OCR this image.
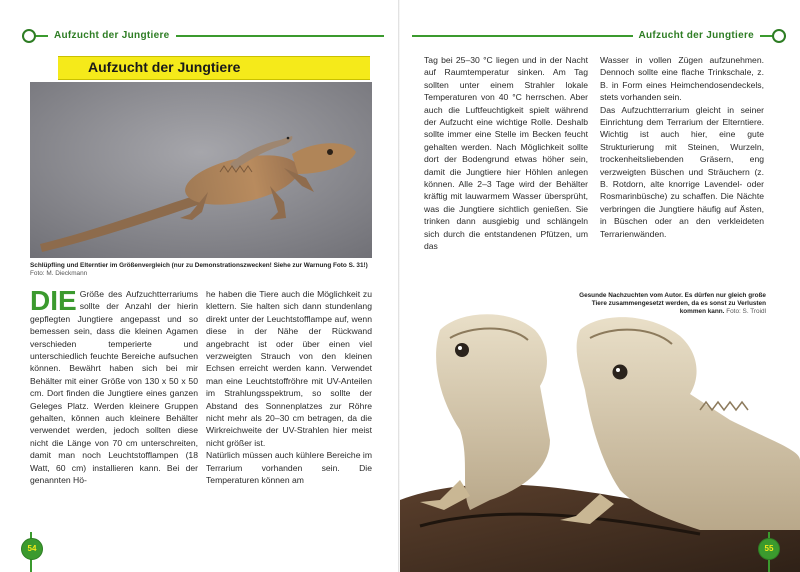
Aufzucht der Jungtiere
Aufzucht der Jungtiere
Schlüpfling und Elterntier im Größenvergleich (nur zu Demonstrationszwecken! Siehe zur Warnung Foto S. 31!) Foto: M. Dieckmann
DIE Größe des Aufzuchtterrariums sollte der Anzahl der hierin gepflegten Jungtiere angepasst und so bemessen sein, dass die kleinen Agamen verschieden temperierte und unterschiedlich feuchte Bereiche aufsuchen können. Bewährt haben sich bei mir Behälter mit einer Größe von 130 x 50 x 50 cm. Dort finden die Jungtiere eines ganzen Geleges Platz. Werden kleinere Gruppen gehalten, können auch kleinere Behälter verwendet werden, jedoch sollten diese nicht die Länge von 70 cm unterschreiten, damit man noch Leuchtstofflampen (18 Watt, 60 cm) installieren kann. Bei der genannten Hö-

he haben die Tiere auch die Möglichkeit zu klettern. Sie halten sich dann stundenlang direkt unter der Leuchtstofflampe auf, wenn diese in der Nähe der Rückwand angebracht ist oder über einen viel verzweigten Strauch von den kleinen Echsen erreicht werden kann. Verwendet man eine Leuchtstoffröhre mit UV-Anteilen im Strahlungsspektrum, so sollte der Abstand des Sonnenplatzes zur Röhre nicht mehr als 20–30 cm betragen, da die Wirkreichweite der UV-Strahlen hier meist nicht größer ist.

Natürlich müssen auch kühlere Bereiche im Terrarium vorhanden sein. Die Temperaturen können am

54
Aufzucht der Jungtiere

Tag bei 25–30 °C liegen und in der Nacht auf Raumtemperatur sinken. Am Tag sollten unter einem Strahler lokale Temperaturen von 40 °C herrschen. Aber auch die Luftfeuchtigkeit spielt während der Aufzucht eine wichtige Rolle. Deshalb sollte immer eine Stelle im Becken feucht gehalten werden. Nach Möglichkeit sollte dort der Bodengrund etwas höher sein, damit die Jungtiere hier Höhlen anlegen können. Alle 2–3 Tage wird der Behälter kräftig mit lauwarmem Wasser übersprüht, was die Jungtiere sichtlich genießen. Sie trinken dann ausgiebig und schlängeln sich durch die entstandenen Pfützen, um das

Wasser in vollen Zügen aufzunehmen. Dennoch sollte eine flache Trinkschale, z. B. in Form eines Heimchendosendeckels, stets vorhanden sein.

Das Aufzuchtterrarium gleicht in seiner Einrichtung dem Terrarium der Elterntiere. Wichtig ist auch hier, eine gute Strukturierung mit Steinen, Wurzeln, trockenheitsliebenden Gräsern, eng verzweigten Büschen und Sträuchern (z. B. Rotdorn, alte knorrige Lavendel- oder Rosmarinbüsche) zu schaffen. Die Nächte verbringen die Jungtiere häufig auf Ästen, in Büschen oder an den verkleideten Terrarienwänden.

Gesunde Nachzuchten vom Autor. Es dürfen nur gleich große Tiere zusammengesetzt werden, da es sonst zu Verlusten kommen kann. Foto: S. Troidl
55
